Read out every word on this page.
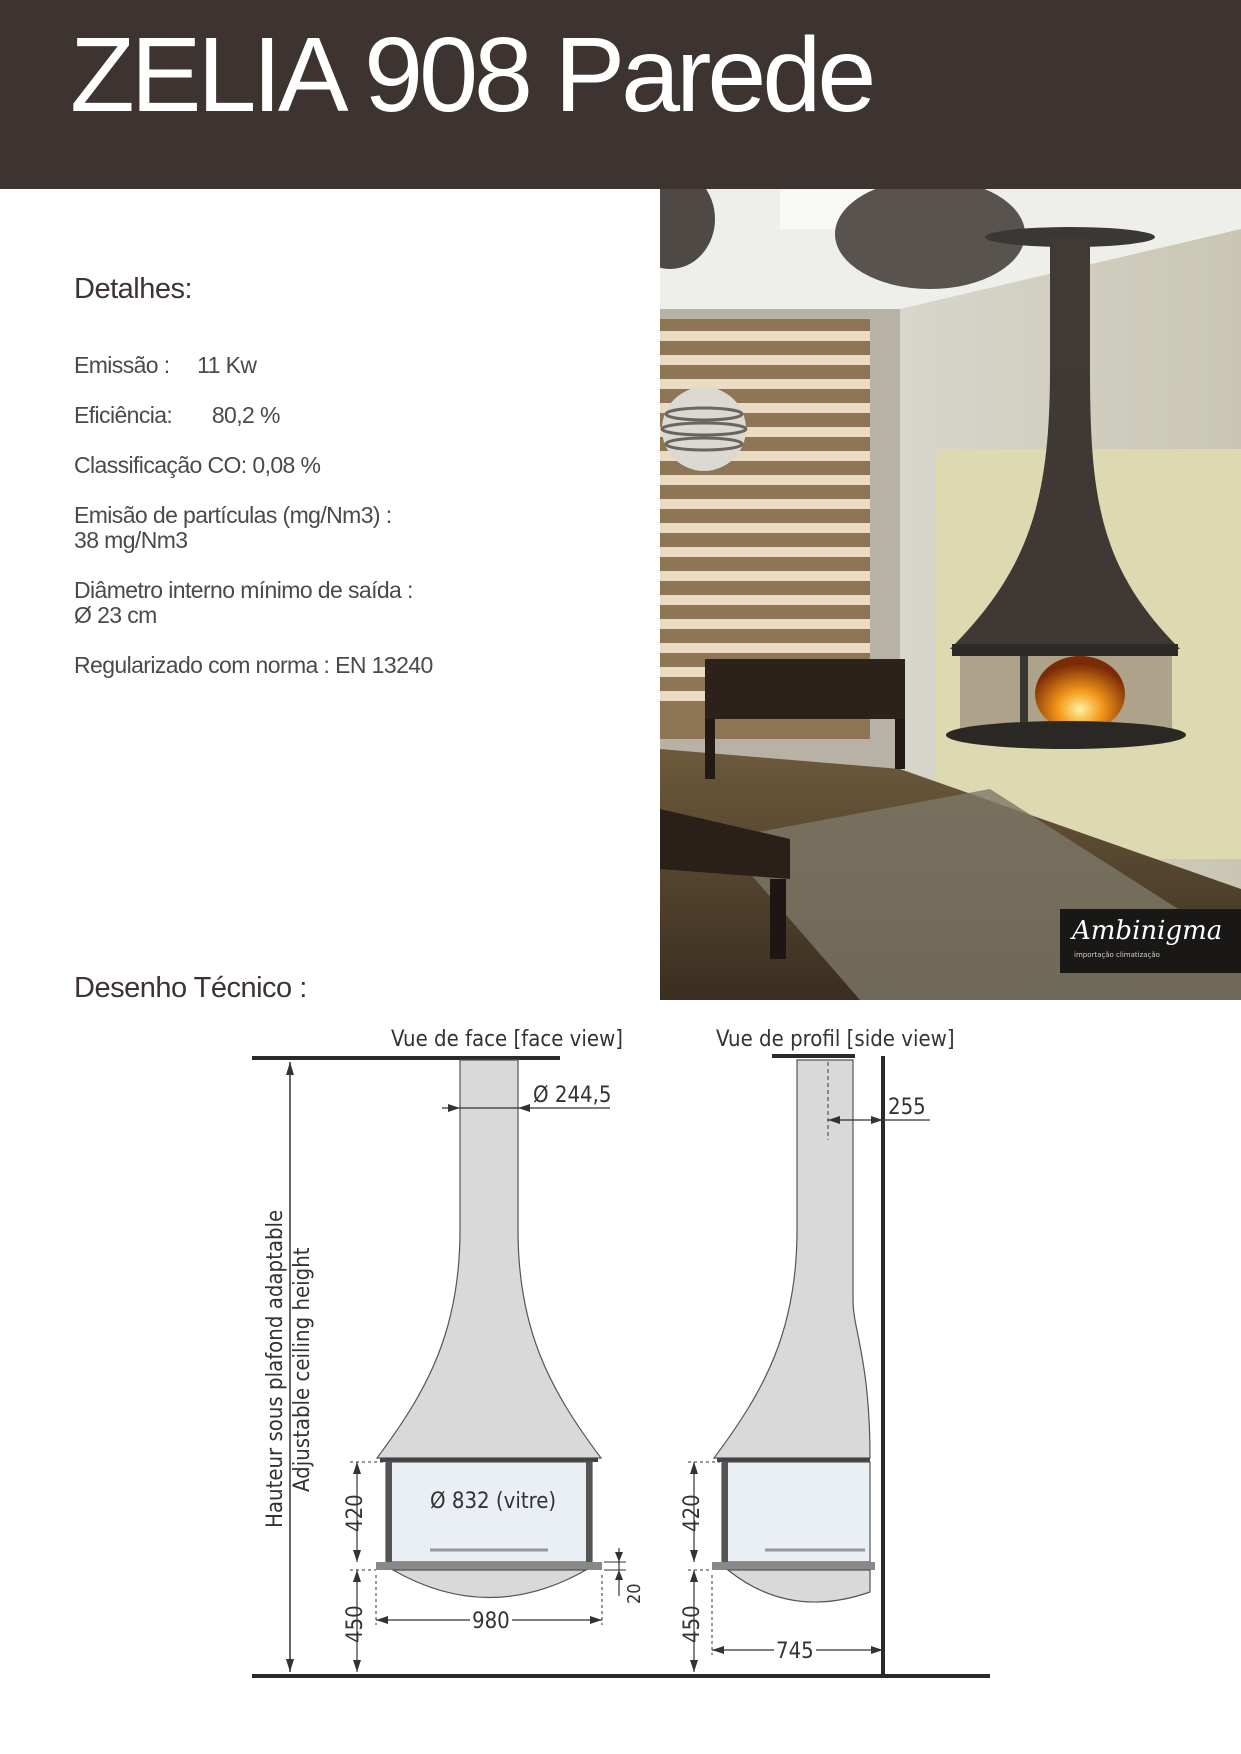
ZELIA 908 Parede
Detalhes:
Emissão : 11 Kw
Eficiência: 80,2 %
Classificação CO: 0,08 %
Emisão de partículas (mg/Nm3) :
38 mg/Nm3
Diâmetro interno mínimo de saída :
Ø 23 cm
Regularizado com norma : EN 13240
Desenho Técnico :
Ambinigma
importação climatização
Vue de face [face view]	Vue de profil [side view]
Hauteur sous plafond adaptable Adjustable ceiling height
Ø 244,5
Ø 832 (vitre)
420
450	980
20
255
420
450
745
